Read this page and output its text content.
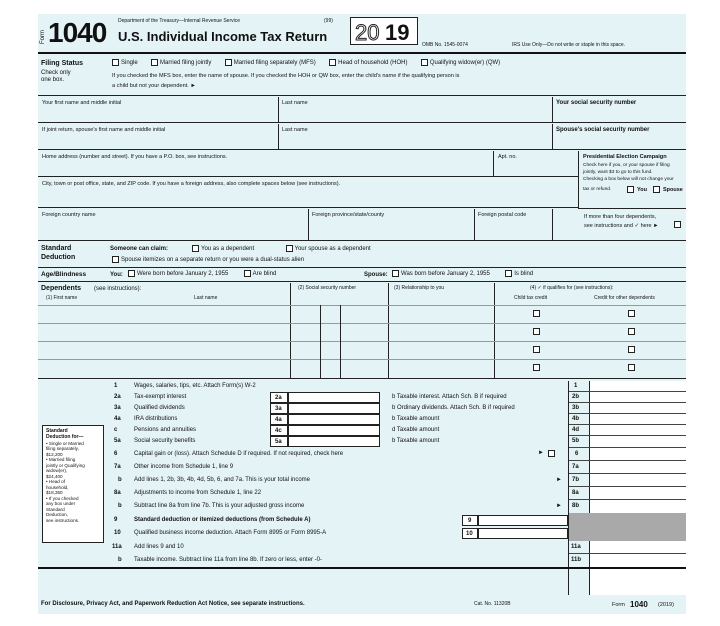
Form 1040 Department of the Treasury—Internal Revenue Service	(99)
U.S. Individual Income Tax Return 20 19	OMB No. 1545-0074	IRS Use Only—Do not write or staple in this space.
Filing Status
Check only
one box.
Single	Married filing jointly	Married filing separately (MFS)	Head of household (HOH)	Qualifying widow(er) (QW)
If you checked the MFS box, enter the name of spouse. If you checked the HOH or QW box, enter the child's name if the qualifying person is
a child but not your dependent. ►
Your first name and middle initial	Last name	Your social security number
If joint return, spouse's first name and middle initial	Last name	Spouse's social security number
Home address (number and street). If you have a P.O. box, see instructions.	Apt. no.
City, town or post office, state, and ZIP code. If you have a foreign address, also complete spaces below (see instructions).
Foreign country name	Foreign province/state/county	Foreign postal code	If more than four dependents,
see instructions and ✓ here ►
Presidential Election Campaign
Check here if you, or your spouse if filing
jointly, want $3 to go to this fund.
Checking a box below will not change your
tax or refund.	You	Spouse
Standard
Deduction
Someone can claim:	You as a dependent	Your spouse as a dependent
Spouse itemizes on a separate return or you were a dual-status alien
Age/Blindness	You:	Were born before January 2, 1955	Are blind	Spouse:	Was born before January 2, 1955	Is blind
Dependents (see instructions):
(1) First name	Last name
(2) Social security number	(3) Relationship to you	(4) ✓ if qualifies for (see instructions):
Child tax credit	Credit for other dependents
Standard
Deduction for—
• Single or Married
filing separately,
$12,200
• Married filing
jointly or Qualifying
widow(er),
$24,400
• Head of
household,
$18,350
• If you checked
any box under
Standard
Deduction,
see instructions.
1	Wages, salaries, tips, etc. Attach Form(s) W-2	1
2a Tax-exempt interest	2a	b Taxable interest. Attach Sch. B if required	2b
3a Qualified dividends	3a	b Ordinary dividends. Attach Sch. B if required	3b
4a IRA distributions	4a	b Taxable amount	4b
c	Pensions and annuities	4c	d Taxable amount	4d
5a Social security benefits	5a	b Taxable amount	5b
6	Capital gain or (loss). Attach Schedule D if required. If not required, check here	►	6
7a Other income from Schedule 1, line 9	7a
b Add lines 1, 2b, 3b, 4b, 4d, 5b, 6, and 7a. This is your total income	► 7b
8a Adjustments to income from Schedule 1, line 22	8a
b Subtract line 8a from line 7b. This is your adjusted gross income	► 8b
9	Standard deduction or itemized deductions (from Schedule A)	9
10 Qualified business income deduction. Attach Form 8995 or Form 8995-A	10
11a Add lines 9 and 10	11a
b Taxable income. Subtract line 11a from line 8b. If zero or less, enter -0-	11b
For Disclosure, Privacy Act, and Paperwork Reduction Act Notice, see separate instructions.	Cat. No. 11320B	Form 1040 (2019)
